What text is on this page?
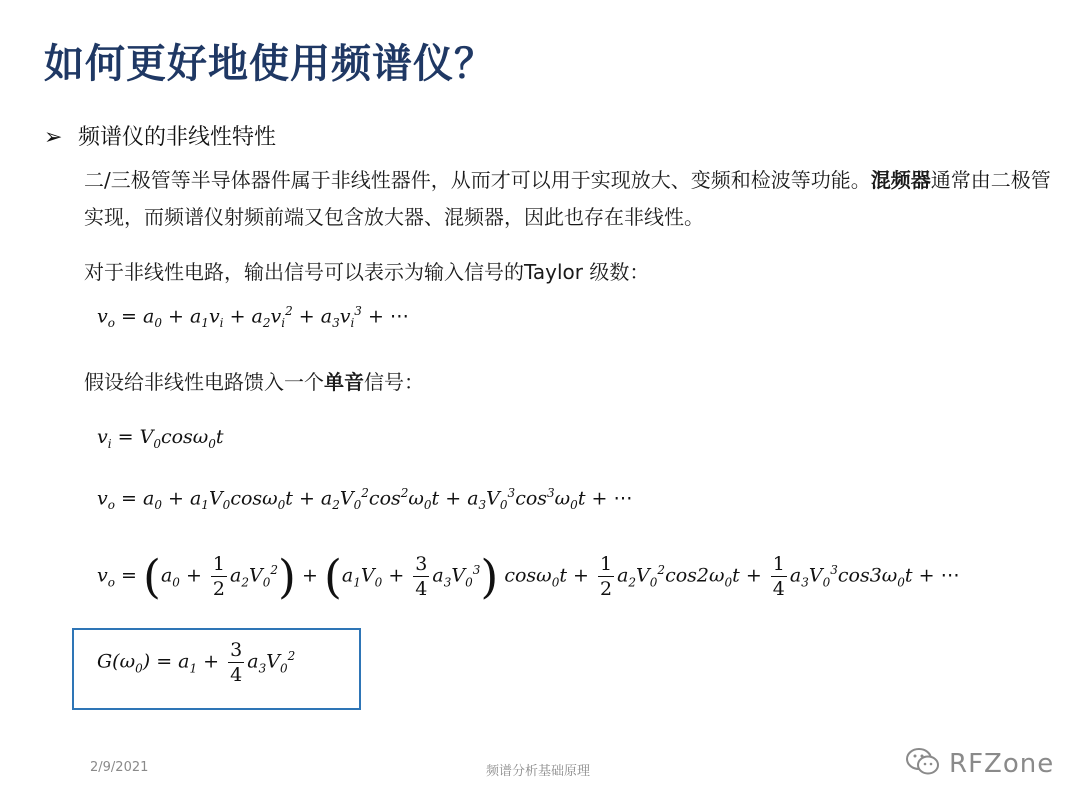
如何更好地使用频谱仪？
➢ 频谱仪的非线性特性
二/三极管等半导体器件属于非线性器件，从而才可以用于实现放大、变频和检波等功能。混频器通常由二极管实现，而频谱仪射频前端又包含放大器、混频器，因此也存在非线性。
对于非线性电路，输出信号可以表示为输入信号的Taylor 级数：
$v_o = a_0 + a_1v_i + a_2v_i^2 + a_3v_i^3$ + ⋯
假设给非线性电路馈入一个单音信号：
$v_i = V_0\cos\omega_0t$
$v_o = a_0 + a_1V_0\cos\omega_0t + a_2V_0^2\cos^2\omega_0t + a_3V_0^3\cos^3\omega_0t$ + ⋯
$v_o = (a_0 + \frac{1}{2} a_2V_0^2) + (a_1V_0 + \frac{3}{4} a_3V_0^3) \cos\omega_0t + \frac{1}{2} a_2V_0^2\cos 2\omega_0t + \frac{1}{4} a_3V_0^3\cos 3\omega_0t$ + ⋯
$G(\omega_0) = a_1 + \frac{3}{4} a_3V_0^2$
2/9/2021	频谱分析基础原理	RFZone
